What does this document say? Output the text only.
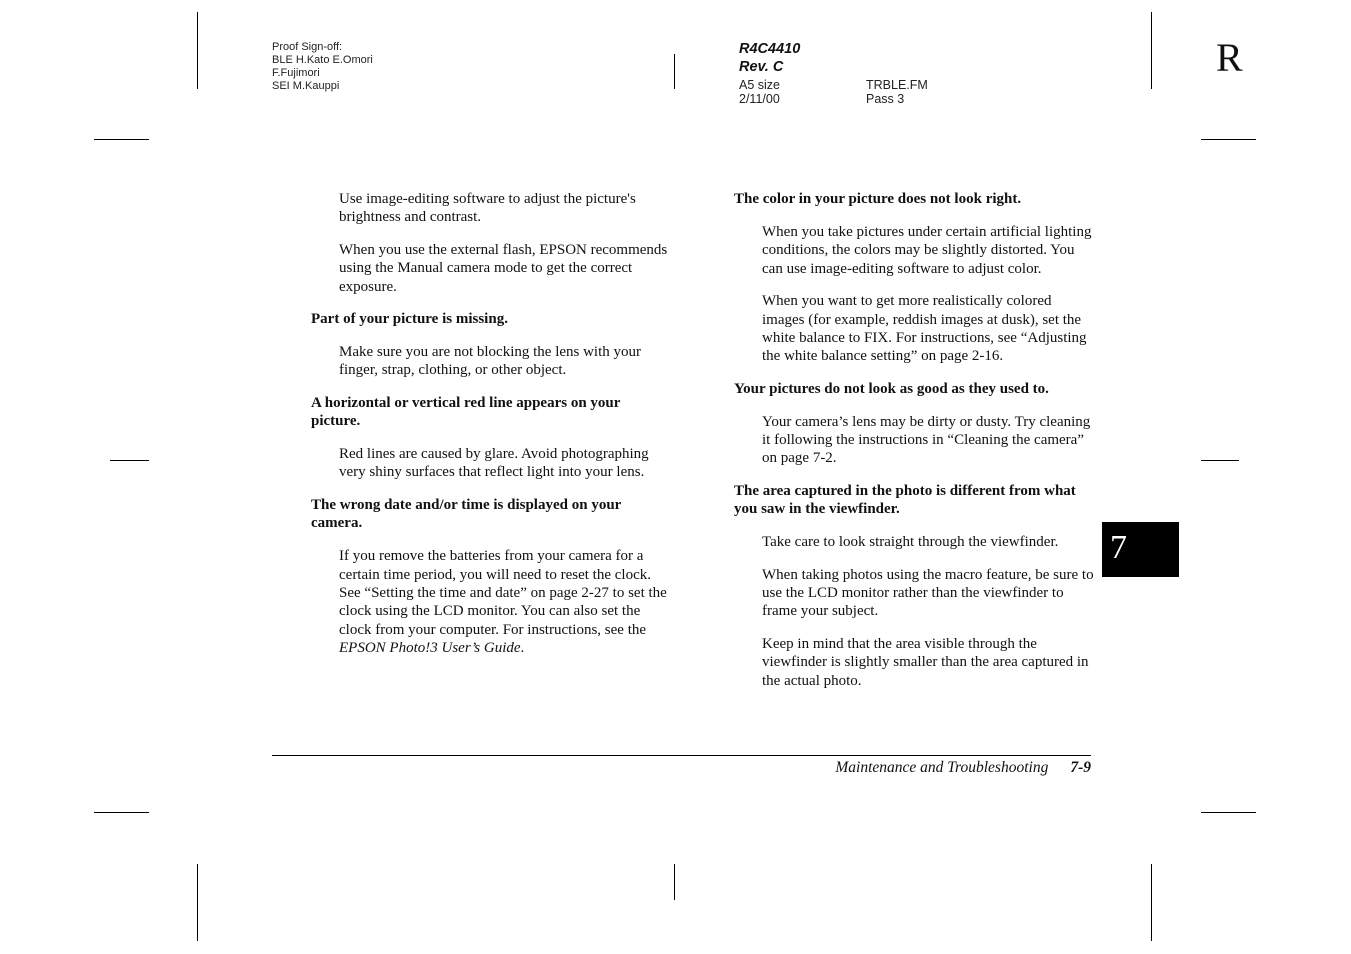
Proof Sign-off:
BLE H.Kato E.Omori
F.Fujimori
SEI M.Kauppi
R4C4410
Rev. C
A5 size	TRBLE.FM
2/11/00	Pass 3
R

Use image-editing software to adjust the picture's brightness and contrast.

When you use the external flash, EPSON recommends using the Manual camera mode to get the correct exposure.

Part of your picture is missing.

Make sure you are not blocking the lens with your finger, strap, clothing, or other object.

A horizontal or vertical red line appears on your picture.

Red lines are caused by glare. Avoid photographing very shiny surfaces that reflect light into your lens.

The wrong date and/or time is displayed on your camera.

If you remove the batteries from your camera for a certain time period, you will need to reset the clock. See “Setting the time and date” on page 2-27 to set the clock using the LCD monitor. You can also set the clock from your computer. For instructions, see the EPSON Photo!3 User’s Guide.

The color in your picture does not look right.

When you take pictures under certain artificial lighting conditions, the colors may be slightly distorted. You can use image-editing software to adjust color.

When you want to get more realistically colored images (for example, reddish images at dusk), set the white balance to FIX. For instructions, see “Adjusting the white balance setting” on page 2-16.

Your pictures do not look as good as they used to.

Your camera’s lens may be dirty or dusty. Try cleaning it following the instructions in “Cleaning the camera” on page 7-2.

The area captured in the photo is different from what you saw in the viewfinder.

Take care to look straight through the viewfinder.

When taking photos using the macro feature, be sure to use the LCD monitor rather than the viewfinder to frame your subject.

Keep in mind that the area visible through the viewfinder is slightly smaller than the area captured in the actual photo.

7
Maintenance and Troubleshooting 7-9
